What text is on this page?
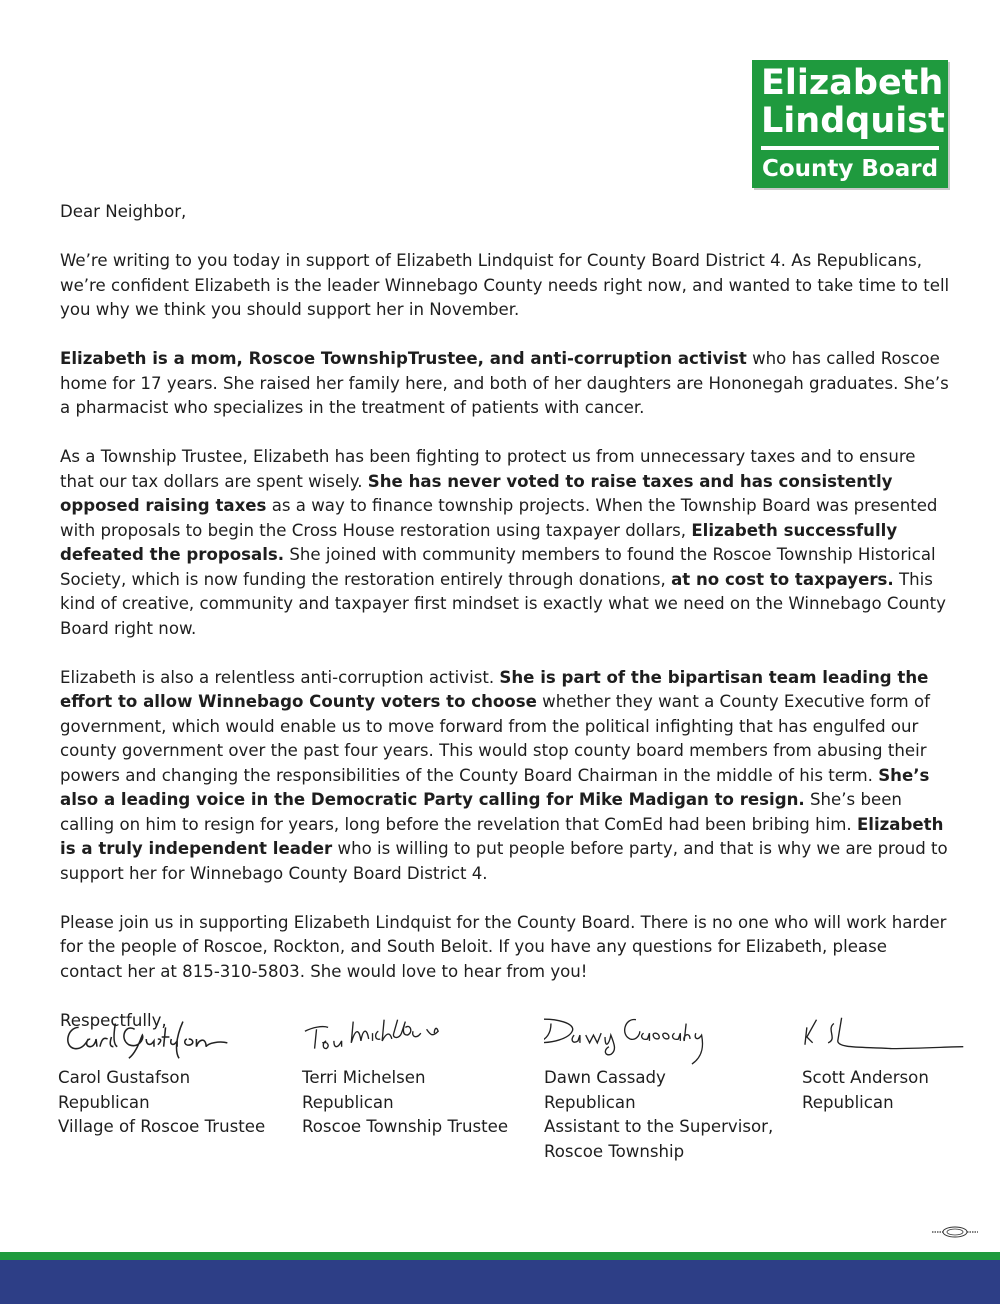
Elizabeth
Lindquist
County Board

Dear Neighbor,

We’re writing to you today in support of Elizabeth Lindquist for County Board District 4. As Republicans, we’re confident Elizabeth is the leader Winnebago County needs right now, and wanted to take time to tell you why we think you should support her in November.

Elizabeth is a mom, Roscoe TownshipTrustee, and anti-corruption activist who has called Roscoe home for 17 years. She raised her family here, and both of her daughters are Hononegah graduates. She’s a pharmacist who specializes in the treatment of patients with cancer.

As a Township Trustee, Elizabeth has been fighting to protect us from unnecessary taxes and to ensure that our tax dollars are spent wisely. She has never voted to raise taxes and has consistently opposed raising taxes as a way to finance township projects. When the Township Board was presented with proposals to begin the Cross House restoration using taxpayer dollars, Elizabeth successfully defeated the proposals. She joined with community members to found the Roscoe Township Historical Society, which is now funding the restoration entirely through donations, at no cost to taxpayers. This kind of creative, community and taxpayer first mindset is exactly what we need on the Winnebago County Board right now.

Elizabeth is also a relentless anti-corruption activist. She is part of the bipartisan team leading the effort to allow Winnebago County voters to choose whether they want a County Executive form of government, which would enable us to move forward from the political infighting that has engulfed our county government over the past four years. This would stop county board members from abusing their powers and changing the responsibilities of the County Board Chairman in the middle of his term. She’s also a leading voice in the Democratic Party calling for Mike Madigan to resign. She’s been calling on him to resign for years, long before the revelation that ComEd had been bribing him. Elizabeth is a truly independent leader who is willing to put people before party, and that is why we are proud to support her for Winnebago County Board District 4.

Please join us in supporting Elizabeth Lindquist for the County Board. There is no one who will work harder for the people of Roscoe, Rockton, and South Beloit. If you have any questions for Elizabeth, please contact her at 815-310-5803. She would love to hear from you!

Respectfully,

Carol Gustafson
Republican
Village of Roscoe Trustee
Terri Michelsen
Republican
Roscoe Township Trustee
Dawn Cassady
Republican
Assistant to the Supervisor,
Roscoe Township
Scott Anderson
Republican
